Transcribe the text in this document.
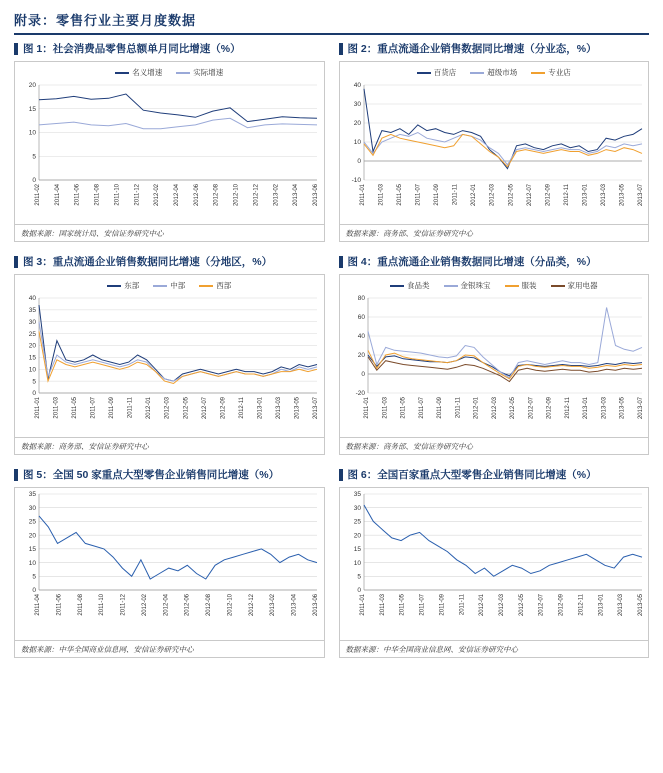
附录：零售行业主要月度数据
图 1：社会消费品零售总额单月同比增速（%）
名义增速	实际增速
0
5
10
15
20
2011-02 2011-04 2011-06 2011-08 2011-10 2011-12 2012-02 2012-04 2012-06 2012-08 2012-10 2012-12 2013-02 2013-04 2013-06
数据来源：国家统计局、安信证券研究中心
图 2：重点流通企业销售数据同比增速（分业态，%）
百货店	超级市场	专业店
-10
0
10
20
30
40
2011-01 2011-03 2011-05 2011-07 2011-09 2011-11 2012-01 2012-03 2012-05 2012-07 2012-09 2012-11 2013-01 2013-03 2013-05 2013-07
数据来源：商务部、安信证券研究中心
图 3：重点流通企业销售数据同比增速（分地区，%）
东部	中部	西部
0
5
10
15
20
25
30
35
40
2011-01 2011-03 2011-05 2011-07 2011-09 2011-11 2012-01 2012-03 2012-05 2012-07 2012-09 2012-11 2013-01 2013-03 2013-05 2013-07
数据来源：商务部、安信证券研究中心
图 4：重点流通企业销售数据同比增速（分品类，%）
食品类	金银珠宝	服装	家用电器
-20
0
20
40
60
80
2011-01 2011-03 2011-05 2011-07 2011-09 2011-11 2012-01 2012-03 2012-05 2012-07 2012-09 2012-11 2013-01 2013-03 2013-05 2013-07
数据来源：商务部、安信证券研究中心
图 5：全国 50 家重点大型零售企业销售同比增速（%）
0
5
10
15
20
25
30
35
2011-04	2011-06	2011-08	2011-10	2011-12	2012-02	2012-04	2012-06	2012-08	2012-10	2012-12	2013-02	2013-04	2013-06
数据来源：中华全国商业信息网、安信证券研究中心
图 6：全国百家重点大型零售企业销售同比增速（%）
0
5
10
15
20
25
30
35
2011-01 2011-03 2011-05 2011-07 2011-09 2011-11 2012-01 2012-03 2012-05 2012-07 2012-09 2012-11 2013-01 2013-03 2013-05
数据来源：中华全国商业信息网、安信证券研究中心
